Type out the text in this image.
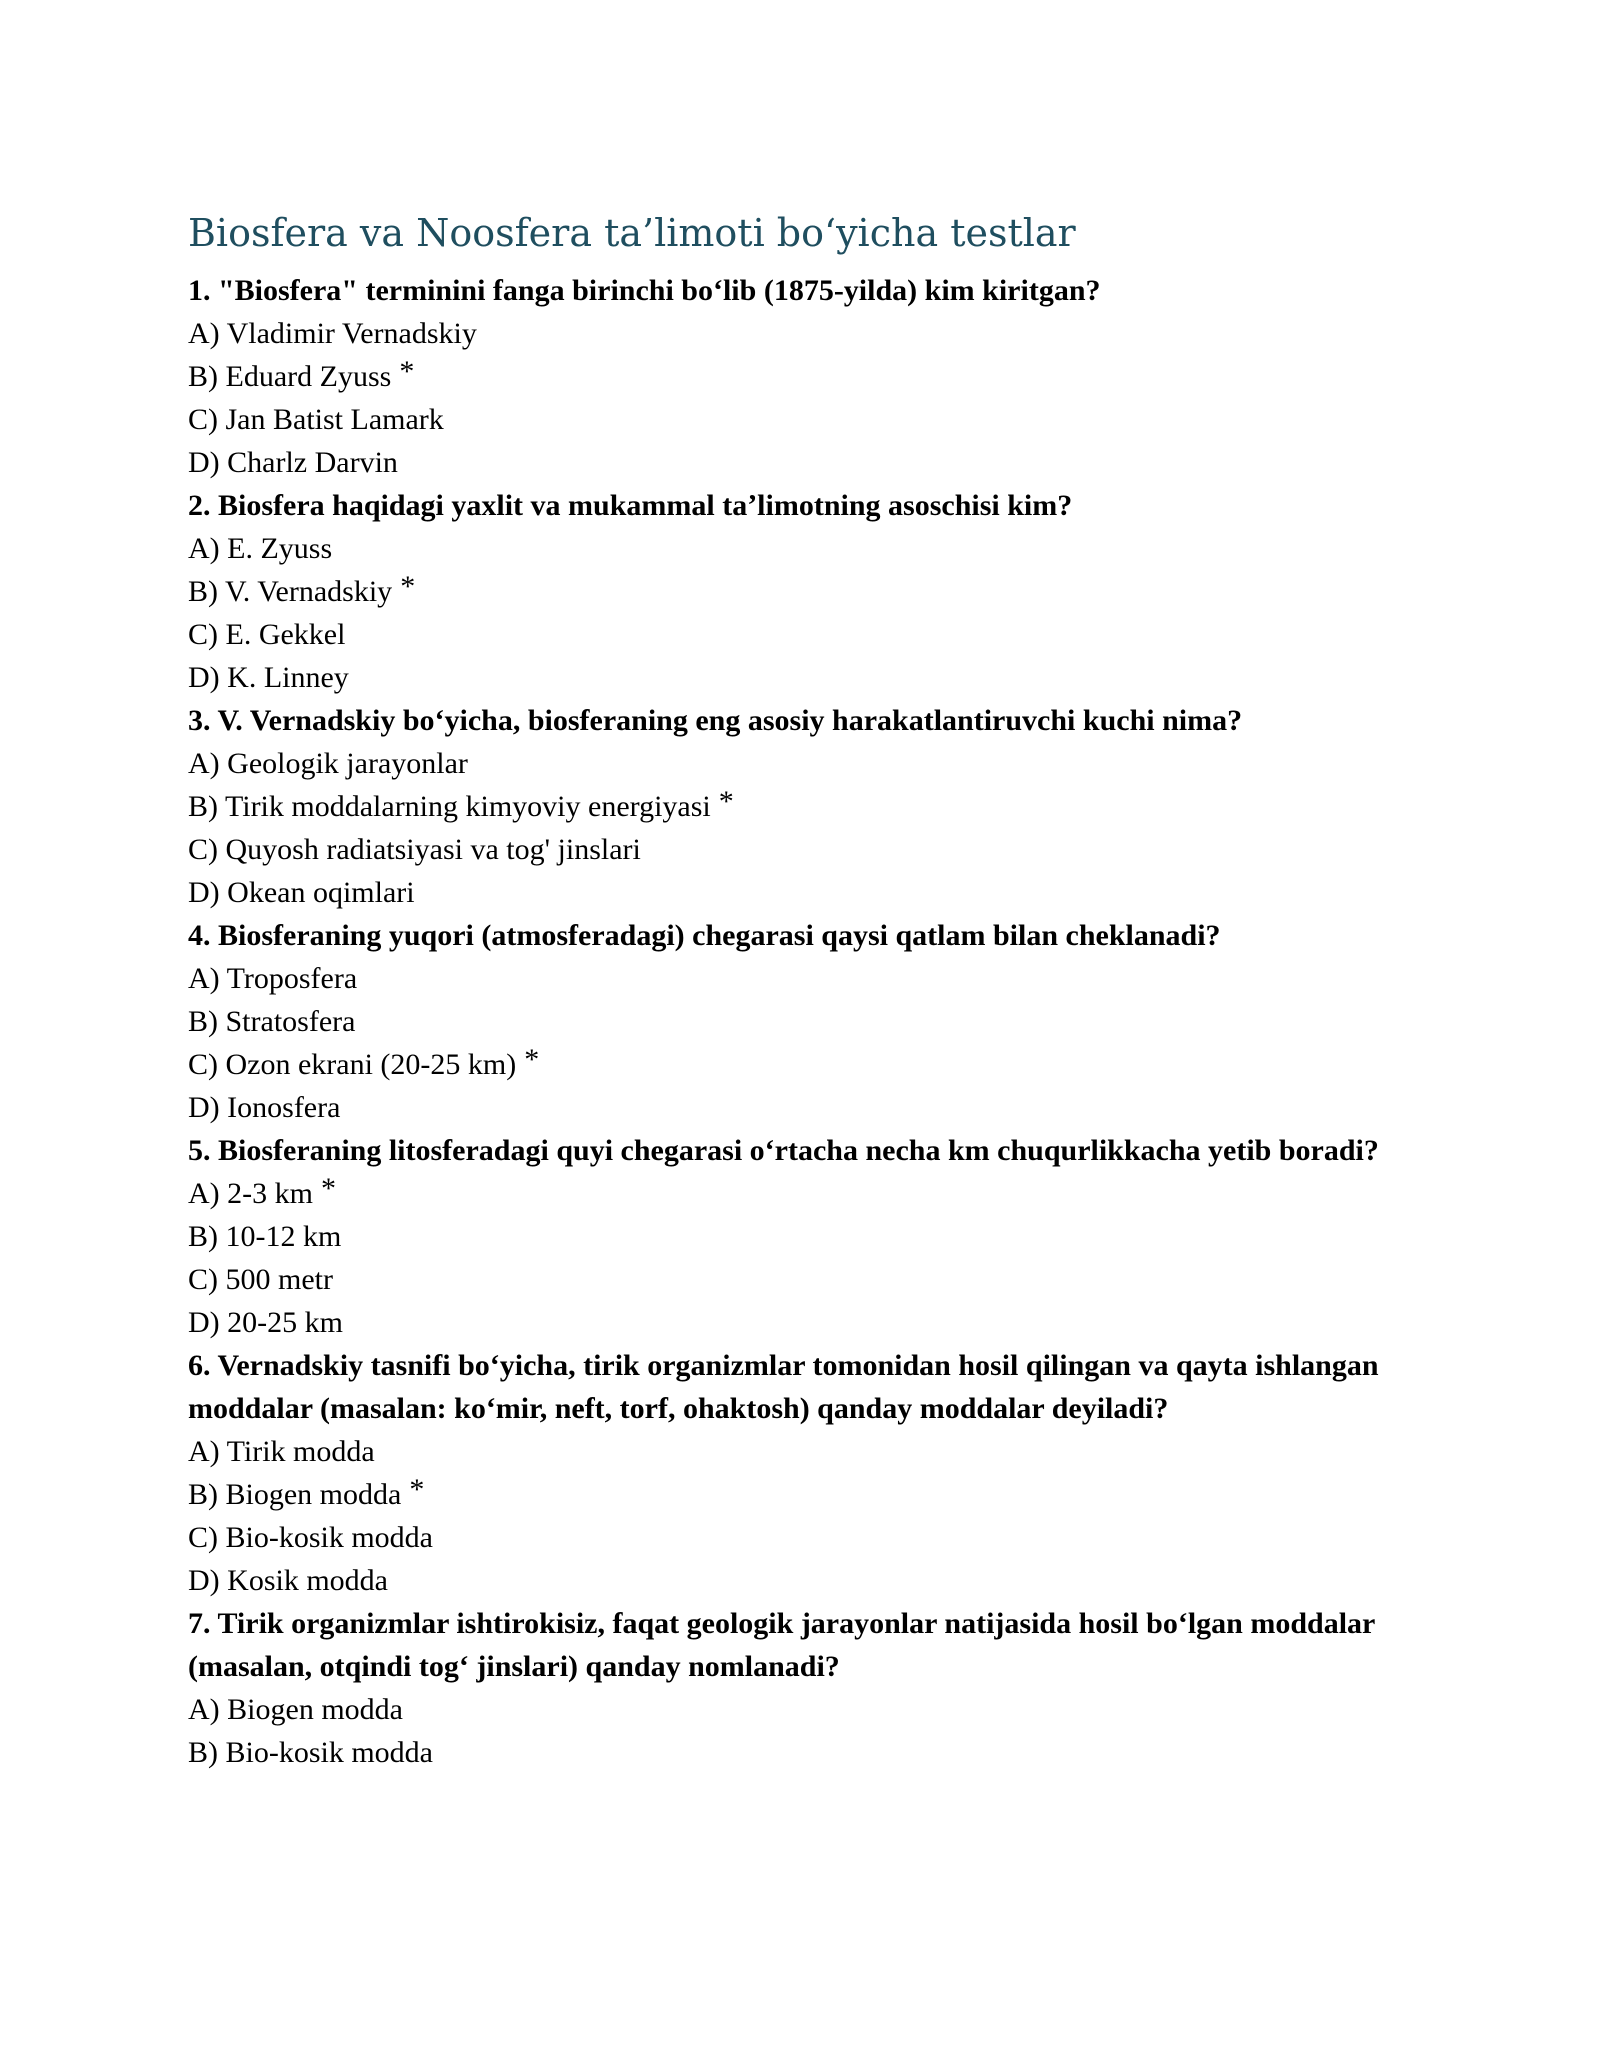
Biosfera va Noosfera ta’limoti bo‘yicha testlar

1. "Biosfera" terminini fanga birinchi boʻlib (1875-yilda) kim kiritgan?

A) Vladimir Vernadskiy

B) Eduard Zyuss *

C) Jan Batist Lamark

D) Charlz Darvin

2. Biosfera haqidagi yaxlit va mukammal taʼlimotning asoschisi kim?

A) E. Zyuss

B) V. Vernadskiy *

C) E. Gekkel

D) K. Linney

3. V. Vernadskiy boʻyicha, biosferaning eng asosiy harakatlantiruvchi kuchi nima?

A) Geologik jarayonlar

B) Tirik moddalarning kimyoviy energiyasi *

C) Quyosh radiatsiyasi va tog' jinslari

D) Okean oqimlari

4. Biosferaning yuqori (atmosferadagi) chegarasi qaysi qatlam bilan cheklanadi?

A) Troposfera

B) Stratosfera

C) Ozon ekrani (20-25 km) *

D) Ionosfera

5. Biosferaning litosferadagi quyi chegarasi oʻrtacha necha km chuqurlikkacha yetib boradi?

A) 2-3 km *

B) 10-12 km

C) 500 metr

D) 20-25 km

6. Vernadskiy tasnifi boʻyicha, tirik organizmlar tomonidan hosil qilingan va qayta ishlangan moddalar (masalan: koʻmir, neft, torf, ohaktosh) qanday moddalar deyiladi?

A) Tirik modda

B) Biogen modda *

C) Bio-kosik modda

D) Kosik modda

7. Tirik organizmlar ishtirokisiz, faqat geologik jarayonlar natijasida hosil boʻlgan moddalar (masalan, otqindi togʻ jinslari) qanday nomlanadi?

A) Biogen modda

B) Bio-kosik modda
